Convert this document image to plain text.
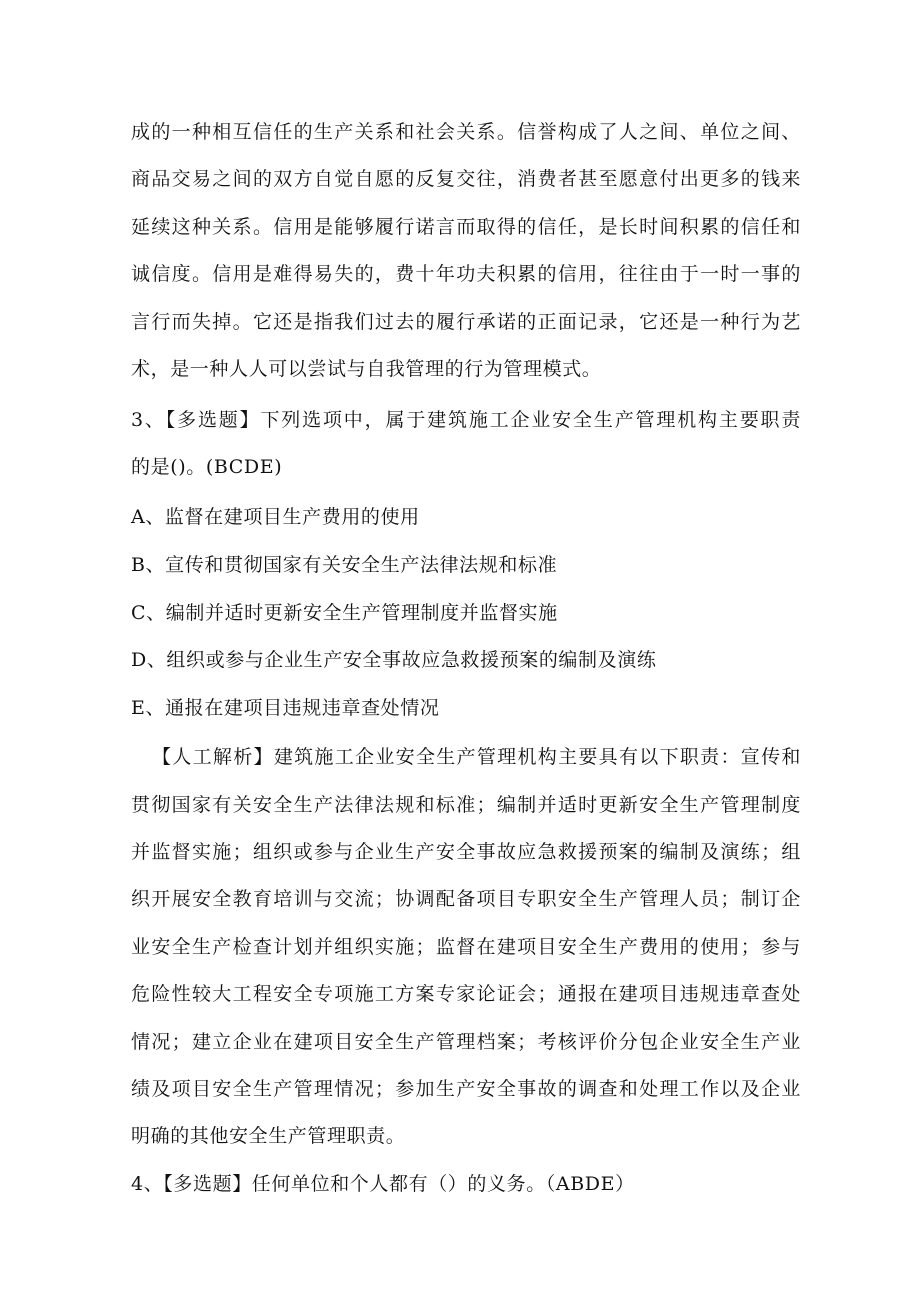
成的一种相互信任的生产关系和社会关系。信誉构成了人之间、单位之间、
商品交易之间的双方自觉自愿的反复交往，消费者甚至愿意付出更多的钱来
延续这种关系。信用是能够履行诺言而取得的信任，是长时间积累的信任和
诚信度。信用是难得易失的，费十年功夫积累的信用，往往由于一时一事的
言行而失掉。它还是指我们过去的履行承诺的正面记录，它还是一种行为艺
术，是一种人人可以尝试与自我管理的行为管理模式。
3、【多选题】下列选项中，属于建筑施工企业安全生产管理机构主要职责
的是()。(BCDE)
A、监督在建项目生产费用的使用
B、宣传和贯彻国家有关安全生产法律法规和标准
C、编制并适时更新安全生产管理制度并监督实施
D、组织或参与企业生产安全事故应急救援预案的编制及演练
E、通报在建项目违规违章查处情况
【人工解析】建筑施工企业安全生产管理机构主要具有以下职责：宣传和
贯彻国家有关安全生产法律法规和标准；编制并适时更新安全生产管理制度
并监督实施；组织或参与企业生产安全事故应急救援预案的编制及演练；组
织开展安全教育培训与交流；协调配备项目专职安全生产管理人员；制订企
业安全生产检查计划并组织实施；监督在建项目安全生产费用的使用；参与
危险性较大工程安全专项施工方案专家论证会；通报在建项目违规违章查处
情况；建立企业在建项目安全生产管理档案；考核评价分包企业安全生产业
绩及项目安全生产管理情况；参加生产安全事故的调查和处理工作以及企业
明确的其他安全生产管理职责。
4、【多选题】任何单位和个人都有（）的义务。（ABDE）
